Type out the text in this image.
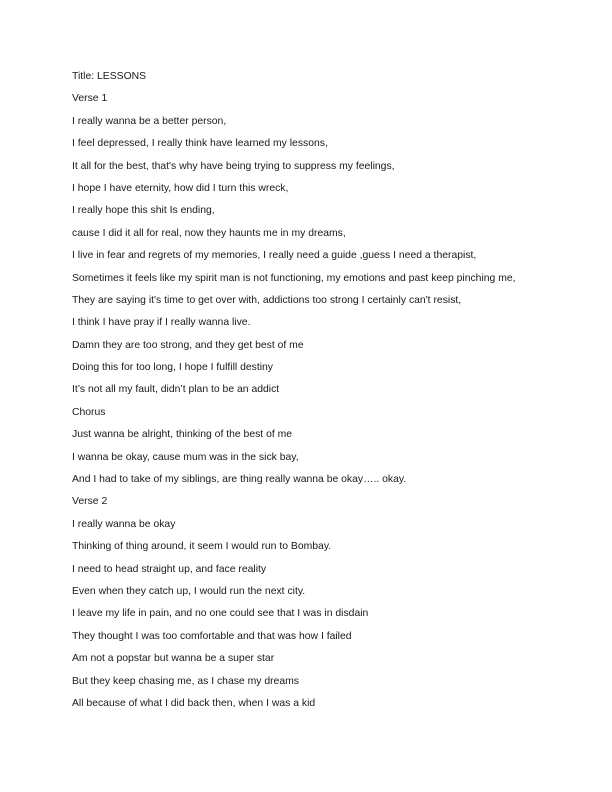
Title: LESSONS
Verse 1
I really wanna be a better person,
I feel depressed, I really think have learned my lessons,
It all for the best, that's why have being trying to suppress my feelings,
I hope I have eternity, how did I turn this wreck,
I really hope this shit Is ending,
cause I did it all for real, now they haunts me in my dreams,
I live in fear and regrets of my memories, I really need a guide ,guess I need a therapist,
Sometimes it feels like my spirit man is not functioning, my emotions and past keep pinching me,
They are saying it's time to get over with, addictions too strong I certainly can't resist,
I think I have pray if I really wanna live.
Damn they are too strong, and they get best of me
Doing this for too long, I hope I fulfill destiny
It’s not all my fault, didn’t plan to be an addict
Chorus
Just wanna be alright, thinking of the best of me
I wanna be okay, cause mum was in the sick bay,
And I had to take of my siblings, are thing really wanna be okay….. okay.
Verse 2
I really wanna be okay
Thinking of thing around, it seem I would run to Bombay.
I need to head straight up, and face reality
Even when they catch up, I would run the next city.
I leave my life in pain, and no one could see that I was in disdain
They thought I was too comfortable and that was how I failed
Am not a popstar but wanna be a super star
But they keep chasing me, as I chase my dreams
All because of what I did back then, when I was a kid
